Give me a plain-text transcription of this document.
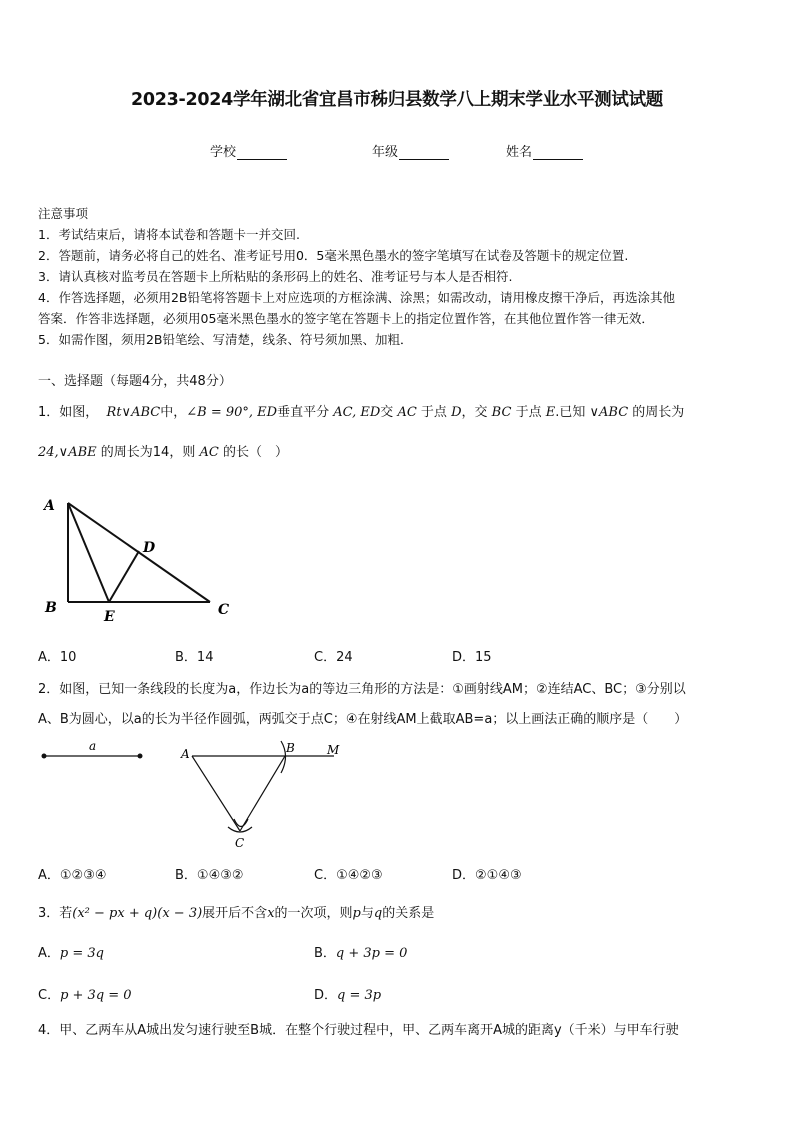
2023-2024学年湖北省宜昌市秭归县数学八上期末学业水平测试试题
学校	年级	姓名
注意事项
1．考试结束后，请将本试卷和答题卡一并交回.
2．答题前，请务必将自己的姓名、准考证号用0．5毫米黑色墨水的签字笔填写在试卷及答题卡的规定位置.
3．请认真核对监考员在答题卡上所粘贴的条形码上的姓名、准考证号与本人是否相符.
4．作答选择题，必须用2B铅笔将答题卡上对应选项的方框涂满、涂黑；如需改动，请用橡皮擦干净后，再选涂其他
答案．作答非选择题，必须用05毫米黑色墨水的签字笔在答题卡上的指定位置作答，在其他位置作答一律无效．
5．如需作图，须用2B铅笔绘、写清楚，线条、符号须加黑、加粗．
一、选择题（每题4分，共48分）
1．如图， Rt∨ABC中，∠B = 90°, ED垂直平分 AC, ED交 AC 于点 D，交 BC 于点 E.已知 ∨ABC 的周长为
24,∨ABE 的周长为14，则 AC 的长（　）
A
B	C
D
E
A．10	B．14	C．24	D．15
2．如图，已知一条线段的长度为a，作边长为a的等边三角形的方法是：①画射线AM；②连结AC、BC；③分别以
A、B为圆心，以a的长为半径作圆弧，两弧交于点C；④在射线AM上截取AB=a；以上画法正确的顺序是（　　）
a
A	B	M
C
A．①②③④	B．①④③②	C．①④②③	D．②①④③
3．若(x² − px + q)(x − 3)展开后不含x的一次项，则p与q的关系是
A．p = 3q	B．q + 3p = 0
C．p + 3q = 0	D．q = 3p
4．甲、乙两车从A城出发匀速行驶至B城．在整个行驶过程中，甲、乙两车离开A城的距离y（千米）与甲车行驶
